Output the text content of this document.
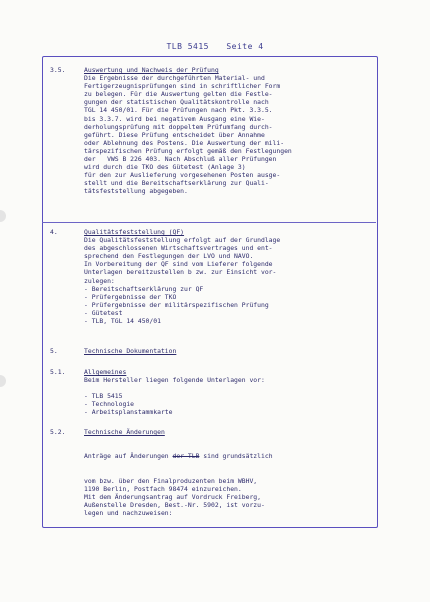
TLB 5415 Seite 4
3.5.	Auswertung und Nachweis der Prüfung
Die Ergebnisse der durchgeführten Material- und
Fertigerzeugnisprüfungen sind in schriftlicher Form
zu belegen. Für die Auswertung gelten die Festle-
gungen der statistischen Qualitätskontrolle nach
TGL 14 450/01. Für die Prüfungen nach Pkt. 3.3.5.
bis 3.3.7. wird bei negativem Ausgang eine Wie-
derholungsprüfung mit doppeltem Prüfumfang durch-
geführt. Diese Prüfung entscheidet über Annahme
oder Ablehnung des Postens. Die Auswertung der mili-
tärspezifischen Prüfung erfolgt gemäß den Festlegungen
der   VWS B 226 403. Nach Abschluß aller Prüfungen
wird durch die TKO des Gütetest (Anlage 3)
für den zur Auslieferung vorgesehenen Posten ausge-
stellt und die Bereitschaftserklärung zur Quali-
tätsfeststellung abgegeben.
4.	Qualitätsfeststellung (QF)
Die Qualitätsfeststellung erfolgt auf der Grundlage
des abgeschlossenen Wirtschaftsvertrages und ent-
sprechend den Festlegungen der LVO und NAVO.
In Vorbereitung der QF sind vom Lieferer folgende
Unterlagen bereitzustellen b zw. zur Einsicht vor-
zulegen:
- Bereitschaftserklärung zur QF
- Prüfergebnisse der TKO
- Prüfergebnisse der militärspezifischen Prüfung
- Gütetest
- TLB, TGL 14 450/01
5.	Technische Dokumentation
5.1.	Allgemeines
Beim Hersteller liegen folgende Unterlagen vor:

- TLB 5415
- Technologie
- Arbeitsplanstammkarte
5.2.	Technische Änderungen

Anträge auf Änderungen der TLB sind grundsätzlich

vom bzw. über den Finalproduzenten beim WBHV,
1190 Berlin, Postfach 98474 einzureichen.
Mit dem Änderungsantrag auf Vordruck Freiberg,
Außenstelle Dresden, Best.-Nr. 5902, ist vorzu-
legen und nachzuweisen:
